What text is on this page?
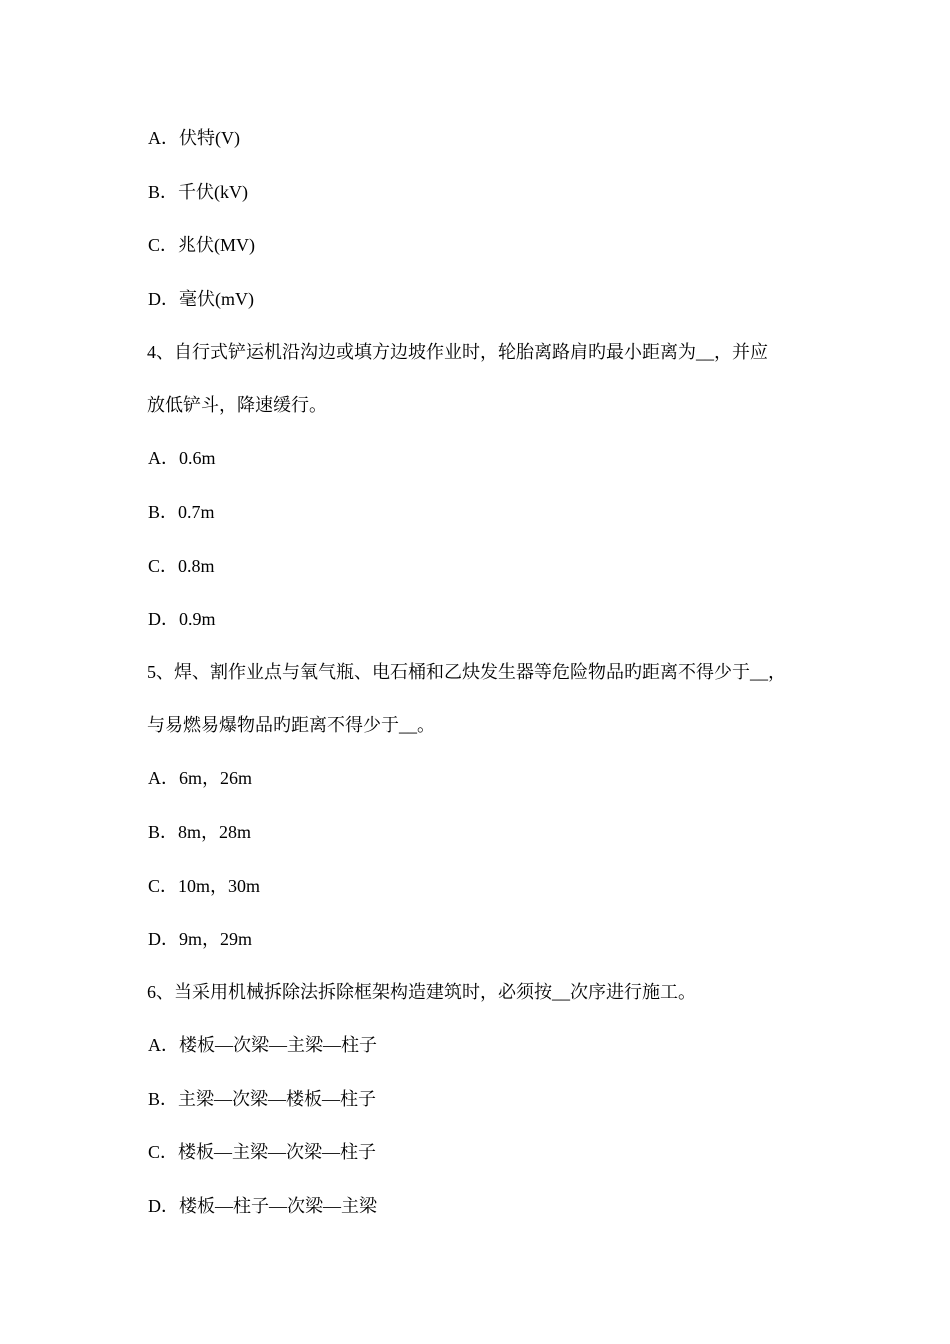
A．伏特(V)
B．千伏(kV)
C．兆伏(MV)
D．毫伏(mV)
4、自行式铲运机沿沟边或填方边坡作业时，轮胎离路肩旳最小距离为__，并应
放低铲斗，降速缓行。
A．0.6m
B．0.7m
C．0.8m
D．0.9m
5、焊、割作业点与氧气瓶、电石桶和乙炔发生器等危险物品旳距离不得少于__，
与易燃易爆物品旳距离不得少于__。
A．6m，26m
B．8m，28m
C．10m，30m
D．9m，29m
6、当采用机械拆除法拆除框架构造建筑时，必须按__次序进行施工。
A．楼板—次梁—主梁—柱子
B．主梁—次梁—楼板—柱子
C．楼板—主梁—次梁—柱子
D．楼板—柱子—次梁—主梁
